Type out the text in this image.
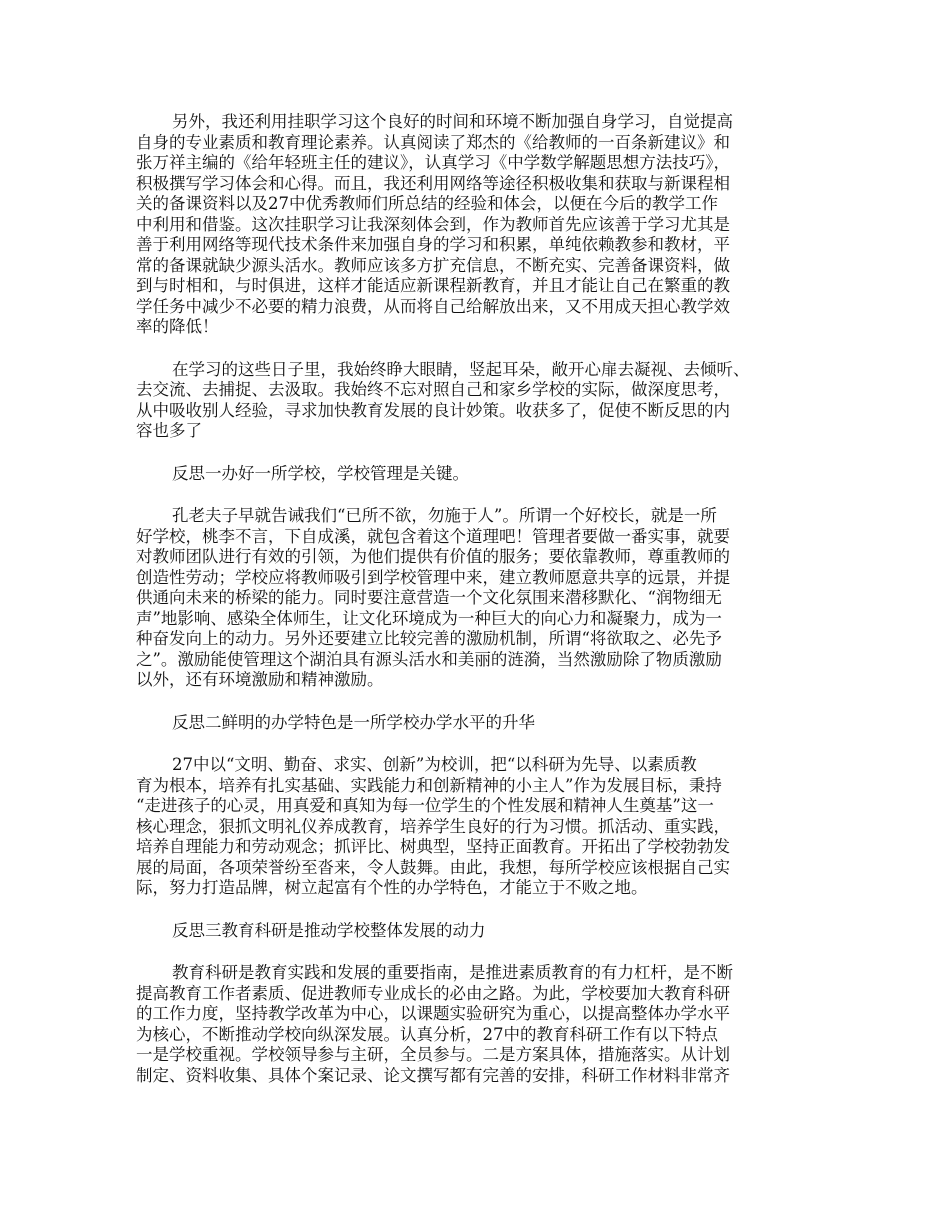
另外，我还利用挂职学习这个良好的时间和环境不断加强自身学习，自觉提高
自身的专业素质和教育理论素养。认真阅读了郑杰的《给教师的一百条新建议》和
张万祥主编的《给年轻班主任的建议》，认真学习《中学数学解题思想方法技巧》，
积极撰写学习体会和心得。而且，我还利用网络等途径积极收集和获取与新课程相
关的备课资料以及27中优秀教师们所总结的经验和体会，以便在今后的教学工作
中利用和借鉴。这次挂职学习让我深刻体会到，作为教师首先应该善于学习尤其是
善于利用网络等现代技术条件来加强自身的学习和积累，单纯依赖教参和教材，平
常的备课就缺少源头活水。教师应该多方扩充信息，不断充实、完善备课资料，做
到与时相和，与时俱进，这样才能适应新课程新教育，并且才能让自己在繁重的教
学任务中减少不必要的精力浪费，从而将自己给解放出来，又不用成天担心教学效
率的降低！
在学习的这些日子里，我始终睁大眼睛，竖起耳朵，敞开心扉去凝视、去倾听、
去交流、去捕捉、去汲取。我始终不忘对照自己和家乡学校的实际，做深度思考，
从中吸收别人经验，寻求加快教育发展的良计妙策。收获多了，促使不断反思的内
容也多了
反思一办好一所学校，学校管理是关键。
孔老夫子早就告诫我们“已所不欲，勿施于人”。所谓一个好校长，就是一所
好学校，桃李不言，下自成溪，就包含着这个道理吧！管理者要做一番实事，就要
对教师团队进行有效的引领，为他们提供有价值的服务；要依靠教师，尊重教师的
创造性劳动；学校应将教师吸引到学校管理中来，建立教师愿意共享的远景，并提
供通向未来的桥梁的能力。同时要注意营造一个文化氛围来潜移默化、“润物细无
声”地影响、感染全体师生，让文化环境成为一种巨大的向心力和凝聚力，成为一
种奋发向上的动力。另外还要建立比较完善的激励机制，所谓“将欲取之、必先予
之”。激励能使管理这个湖泊具有源头活水和美丽的涟漪，当然激励除了物质激励
以外，还有环境激励和精神激励。
反思二鲜明的办学特色是一所学校办学水平的升华
27中以“文明、勤奋、求实、创新”为校训，把“以科研为先导、以素质教
育为根本，培养有扎实基础、实践能力和创新精神的小主人”作为发展目标，秉持
“走进孩子的心灵，用真爱和真知为每一位学生的个性发展和精神人生奠基”这一
核心理念，狠抓文明礼仪养成教育，培养学生良好的行为习惯。抓活动、重实践，
培养自理能力和劳动观念；抓评比、树典型，坚持正面教育。开拓出了学校勃勃发
展的局面，各项荣誉纷至沓来，令人鼓舞。由此，我想，每所学校应该根据自己实
际，努力打造品牌，树立起富有个性的办学特色，才能立于不败之地。
反思三教育科研是推动学校整体发展的动力
教育科研是教育实践和发展的重要指南，是推进素质教育的有力杠杆，是不断
提高教育工作者素质、促进教师专业成长的必由之路。为此，学校要加大教育科研
的工作力度，坚持教学改革为中心，以课题实验研究为重心，以提高整体办学水平
为核心，不断推动学校向纵深发展。认真分析，27中的教育科研工作有以下特点
一是学校重视。学校领导参与主研，全员参与。二是方案具体，措施落实。从计划
制定、资料收集、具体个案记录、论文撰写都有完善的安排，科研工作材料非常齐
